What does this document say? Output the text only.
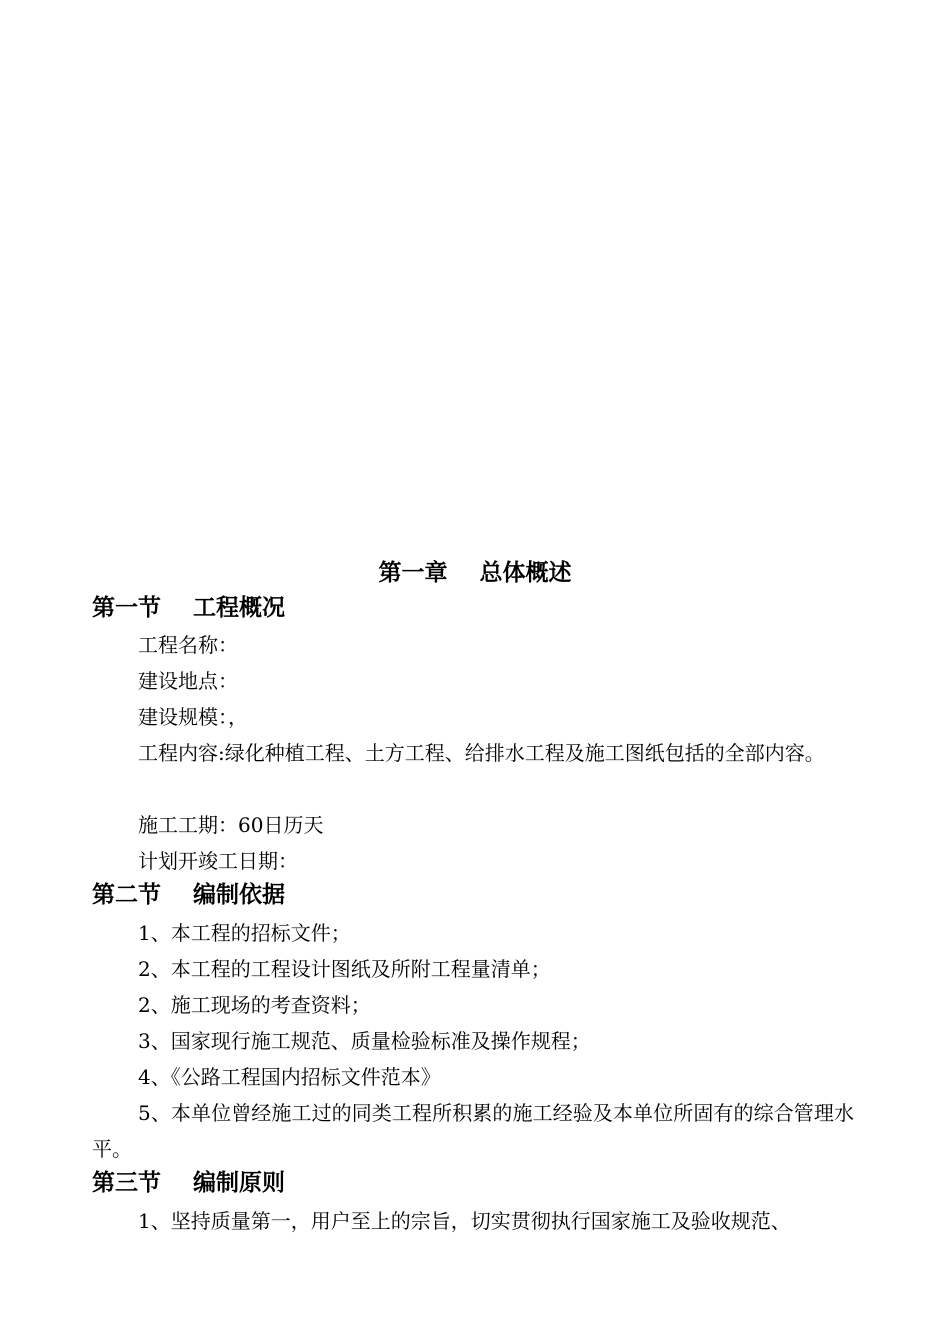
第一章    总体概述
第一节    工程概况

工程名称：

建设地点：

建设规模：，

工程内容:绿化种植工程、土方工程、给排水工程及施工图纸包括的全部内容。

施工工期：60日历天

计划开竣工日期：

第二节    编制依据

1、本工程的招标文件；

2、本工程的工程设计图纸及所附工程量清单；

2、施工现场的考查资料；

3、国家现行施工规范、质量检验标准及操作规程；

4、《公路工程国内招标文件范本》

5、本单位曾经施工过的同类工程所积累的施工经验及本单位所固有的综合管理水平。

第三节    编制原则

1、坚持质量第一，用户至上的宗旨，切实贯彻执行国家施工及验收规范、
